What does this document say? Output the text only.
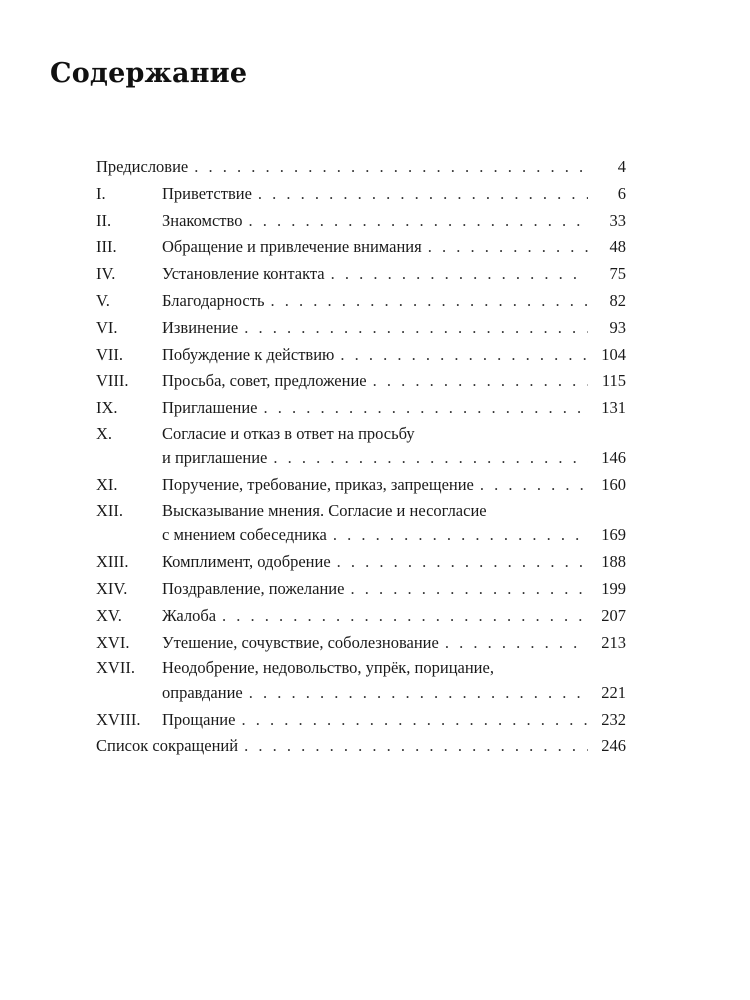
Содержание
Предисловие . . .	4
I.	Приветствие . . .	6
II.	Знакомство . . .	33
III.	Обращение и привлечение внимания . . .	48
IV.	Установление контакта . . .	75
V.	Благодарность . . .	82
VI.	Извинение . . .	93
VII. Побуждение к действию . . .	104
VIII. Просьба, совет, предложение . . .	115
IX.	Приглашение . . .	131
X.	Согласие и отказ в ответ на просьбу
и приглашение . . .	146
XI.	Поручение, требование, приказ, запрещение . . .	160
XII. Высказывание мнения. Согласие и несогласие
с мнением собеседника . . .	169
XIII. Комплимент, одобрение . . .	188
XIV. Поздравление, пожелание . . .	199
XV. Жалоба . . .	207
XVI. Утешение, сочувствие, соболезнование . . .	213
XVII. Неодобрение, недовольство, упрёк, порицание,
оправдание . . .	221
XVIII. Прощание . . .	232
Список сокращений . . .	246
